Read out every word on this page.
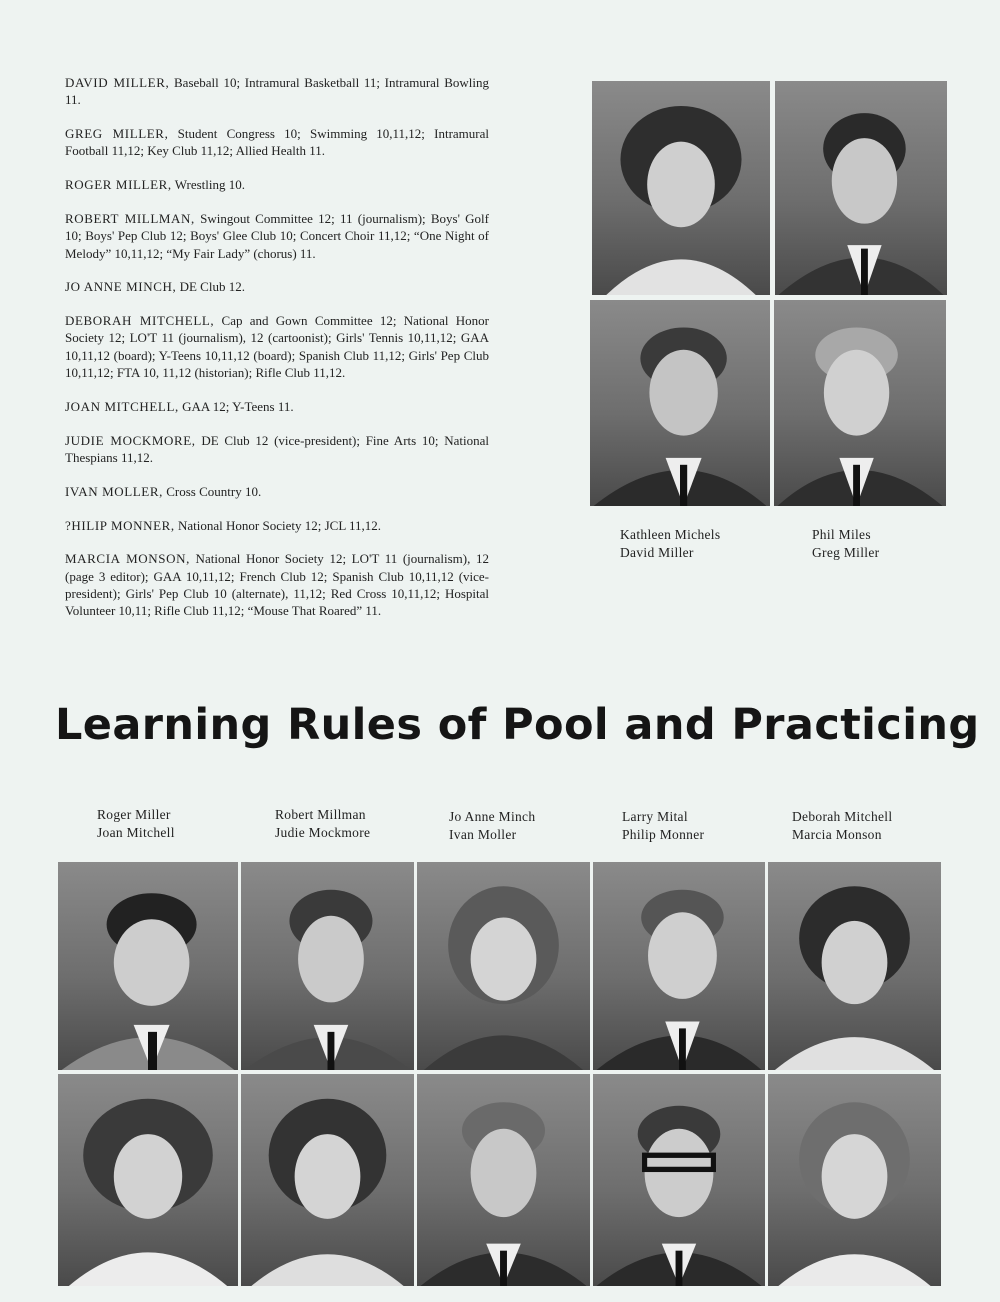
DAVID MILLER, Baseball 10; Intramural Basketball 11; Intramural Bowling 11.

GREG MILLER, Student Congress 10; Swimming 10,11,12; Intramural Football 11,12; Key Club 11,12; Allied Health 11.

ROGER MILLER, Wrestling 10.

ROBERT MILLMAN, Swingout Committee 12; 11 (journalism); Boys' Golf 10; Boys' Pep Club 12; Boys' Glee Club 10; Concert Choir 11,12; “One Night of Melody” 10,11,12; “My Fair Lady” (chorus) 11.

JO ANNE MINCH, DE Club 12.

DEBORAH MITCHELL, Cap and Gown Committee 12; National Honor Society 12; LO'T 11 (journalism), 12 (cartoonist); Girls' Tennis 10,11,12; GAA 10,11,12 (board); Y-Teens 10,11,12 (board); Spanish Club 11,12; Girls' Pep Club 10,11,12; FTA 10, 11,12 (historian); Rifle Club 11,12.

JOAN MITCHELL, GAA 12; Y-Teens 11.

JUDIE MOCKMORE, DE Club 12 (vice-president); Fine Arts 10; National Thespians 11,12.

IVAN MOLLER, Cross Country 10.

?HILIP MONNER, National Honor Society 12; JCL 11,12.

MARCIA MONSON, National Honor Society 12; LO'T 11 (journalism), 12 (page 3 editor); GAA 10,11,12; French Club 12; Spanish Club 10,11,12 (vice-president); Girls' Pep Club 10 (alternate), 11,12; Red Cross 10,11,12; Hospital Volunteer 10,11; Rifle Club 11,12; “Mouse That Roared” 11.

Kathleen Michels
David Miller
Phil Miles
Greg Miller
Learning Rules of Pool and Practicing
Roger Miller
Joan Mitchell
Robert Millman
Judie Mockmore
Jo Anne Minch
Ivan Moller
Larry Mital
Philip Monner
Deborah Mitchell
Marcia Monson
